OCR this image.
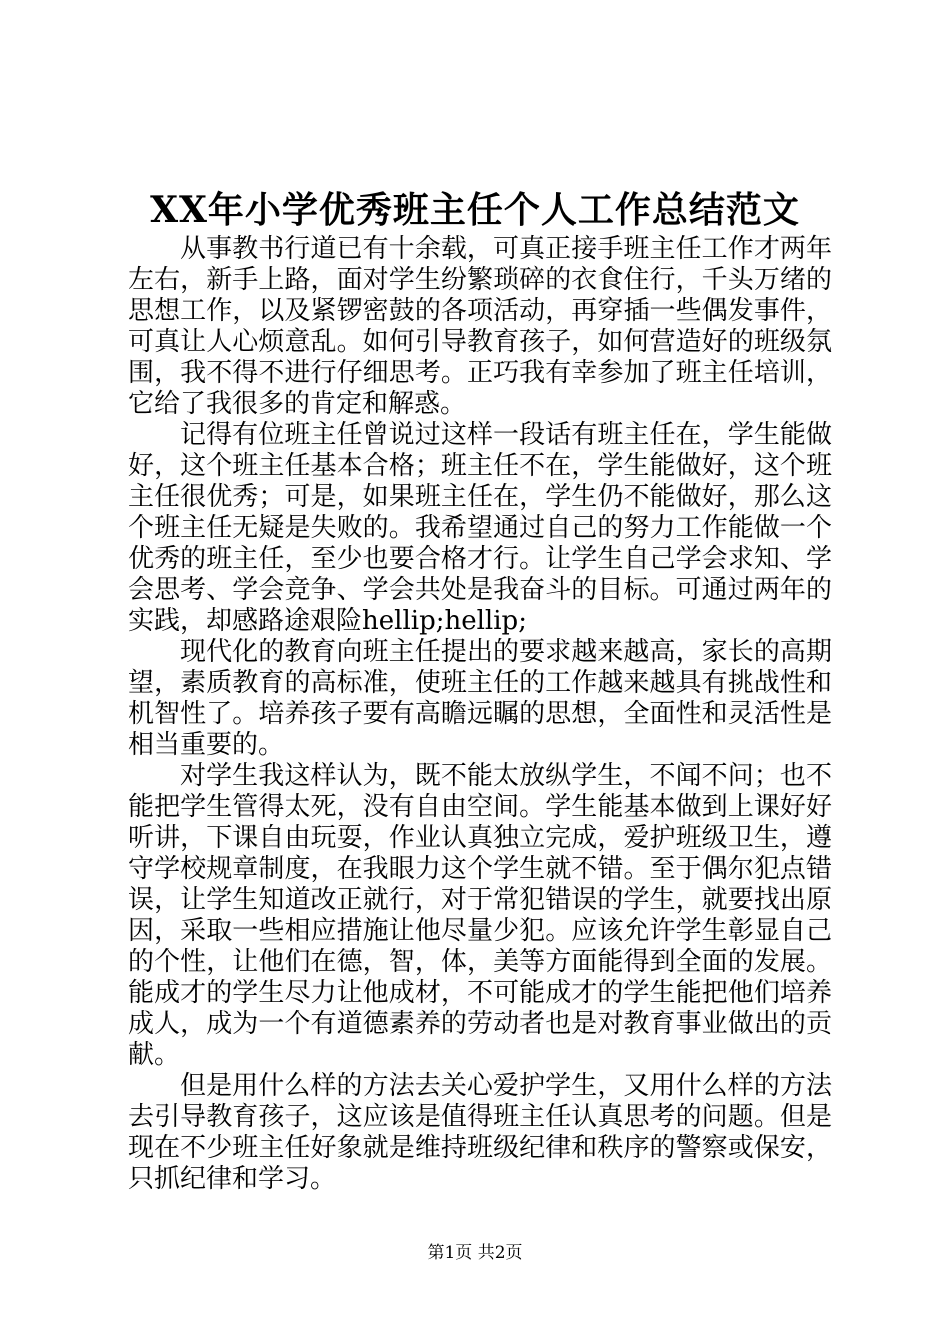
XX年小学优秀班主任个人工作总结范文

从事教书行道已有十余载，可真正接手班主任工作才两年左右，新手上路，面对学生纷繁琐碎的衣食住行，千头万绪的思想工作，以及紧锣密鼓的各项活动，再穿插一些偶发事件，可真让人心烦意乱。如何引导教育孩子，如何营造好的班级氛围，我不得不进行仔细思考。正巧我有幸参加了班主任培训，它给了我很多的肯定和解惑。

记得有位班主任曾说过这样一段话有班主任在，学生能做好，这个班主任基本合格；班主任不在，学生能做好，这个班主任很优秀；可是，如果班主任在，学生仍不能做好，那么这个班主任无疑是失败的。我希望通过自己的努力工作能做一个优秀的班主任，至少也要合格才行。让学生自己学会求知、学会思考、学会竞争、学会共处是我奋斗的目标。可通过两年的实践，却感路途艰险hellip;hellip;

现代化的教育向班主任提出的要求越来越高，家长的高期望，素质教育的高标准，使班主任的工作越来越具有挑战性和机智性了。培养孩子要有高瞻远瞩的思想，全面性和灵活性是相当重要的。

对学生我这样认为，既不能太放纵学生，不闻不问；也不能把学生管得太死，没有自由空间。学生能基本做到上课好好听讲，下课自由玩耍，作业认真独立完成，爱护班级卫生，遵守学校规章制度，在我眼力这个学生就不错。至于偶尔犯点错误，让学生知道改正就行，对于常犯错误的学生，就要找出原因，采取一些相应措施让他尽量少犯。应该允许学生彰显自己的个性，让他们在德，智，体，美等方面能得到全面的发展。能成才的学生尽力让他成材，不可能成才的学生能把他们培养成人，成为一个有道德素养的劳动者也是对教育事业做出的贡献。

但是用什么样的方法去关心爱护学生，又用什么样的方法去引导教育孩子，这应该是值得班主任认真思考的问题。但是现在不少班主任好象就是维持班级纪律和秩序的警察或保安，只抓纪律和学习。

第1页 共2页
